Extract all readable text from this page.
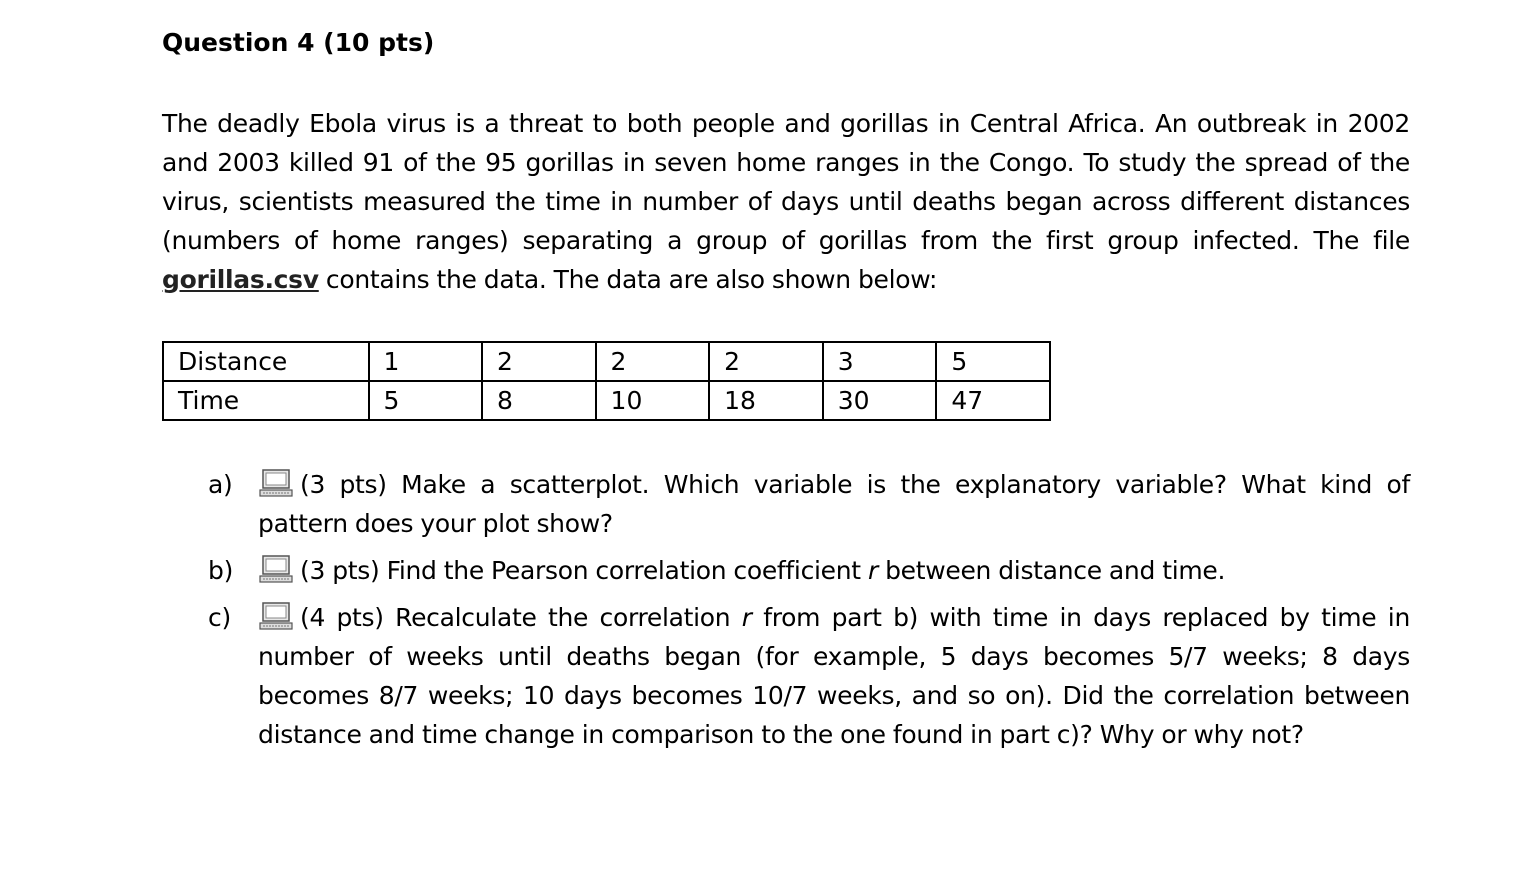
Question 4 (10 pts)

The deadly Ebola virus is a threat to both people and gorillas in Central Africa. An outbreak in 2002 and 2003 killed 91 of the 95 gorillas in seven home ranges in the Congo. To study the spread of the virus, scientists measured the time in number of days until deaths began across different distances (numbers of home ranges) separating a group of gorillas from the first group infected. The file gorillas.csv contains the data. The data are also shown below:

Distance	1	2	2	2	3	5
Time	5	8	10	18	30	47
a)	(3 pts) Make a scatterplot. Which variable is the explanatory variable? What kind of pattern does your plot show?
b)	(3 pts) Find the Pearson correlation coefficient r between distance and time.
c)	(4 pts) Recalculate the correlation r from part b) with time in days replaced by time in number of weeks until deaths began (for example, 5 days becomes 5/7 weeks; 8 days becomes 8/7 weeks; 10 days becomes 10/7 weeks, and so on). Did the correlation between distance and time change in comparison to the one found in part c)? Why or why not?
